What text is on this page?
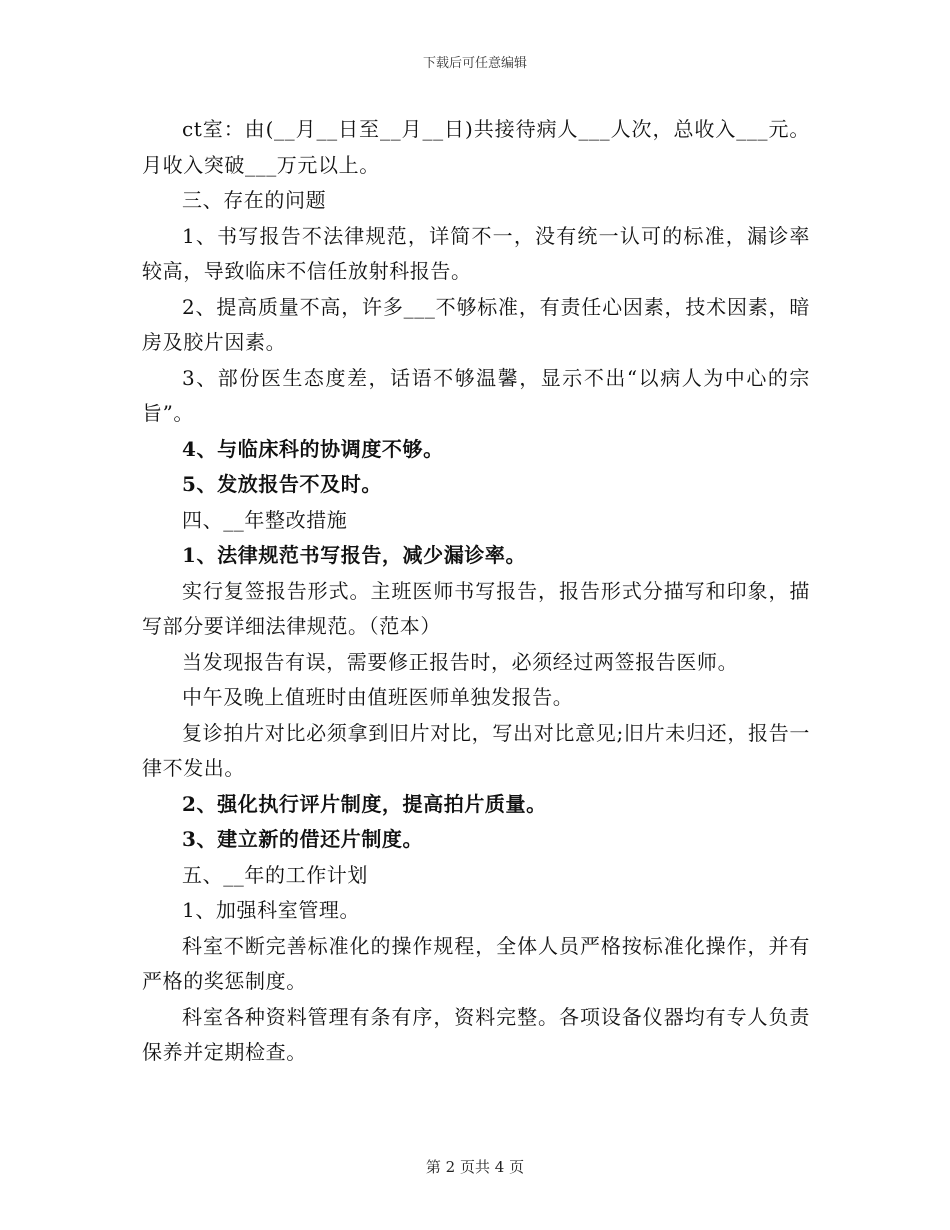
下载后可任意编辑

ct室：由(__月__日至__月__日)共接待病人___人次，总收入___元。月收入突破___万元以上。

三、存在的问题

1、书写报告不法律规范，详简不一，没有统一认可的标准，漏诊率较高，导致临床不信任放射科报告。

2、提高质量不高，许多___不够标准，有责任心因素，技术因素，暗房及胶片因素。

3、部份医生态度差，话语不够温馨，显示不出“以病人为中心的宗旨”。

4、与临床科的协调度不够。

5、发放报告不及时。

四、__年整改措施

1、法律规范书写报告，减少漏诊率。

实行复签报告形式。主班医师书写报告，报告形式分描写和印象，描写部分要详细法律规范。（范本）

当发现报告有误，需要修正报告时，必须经过两签报告医师。

中午及晚上值班时由值班医师单独发报告。

复诊拍片对比必须拿到旧片对比，写出对比意见;旧片未归还，报告一律不发出。

2、强化执行评片制度，提高拍片质量。

3、建立新的借还片制度。

五、__年的工作计划

1、加强科室管理。

科室不断完善标准化的操作规程，全体人员严格按标准化操作，并有严格的奖惩制度。

科室各种资料管理有条有序，资料完整。各项设备仪器均有专人负责保养并定期检查。

第 2 页共 4 页
